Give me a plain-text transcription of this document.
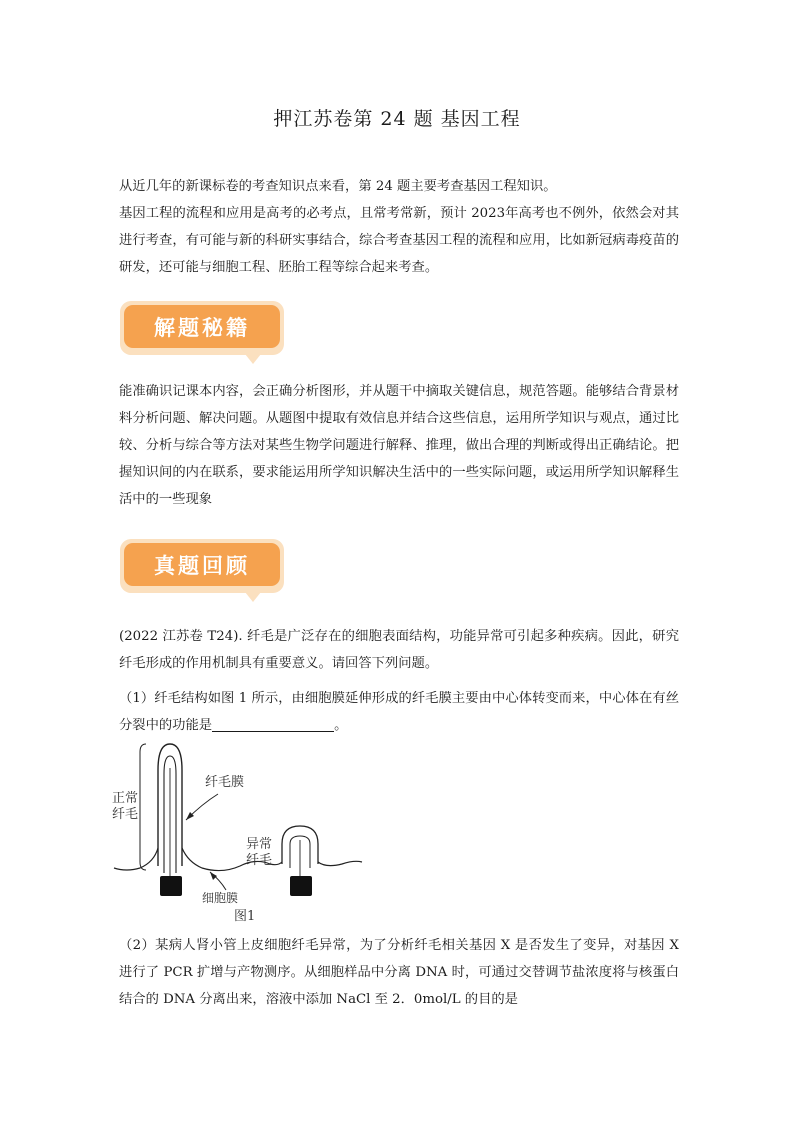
押江苏卷第 24 题 基因工程
从近几年的新课标卷的考查知识点来看，第 24 题主要考查基因工程知识。
基因工程的流程和应用是高考的必考点，且常考常新，预计 2023年高考也不例外，依然会对其进行考查，有可能与新的科研实事结合，综合考查基因工程的流程和应用，比如新冠病毒疫苗的研发，还可能与细胞工程、胚胎工程等综合起来考查。
解题秘籍
能准确识记课本内容，会正确分析图形，并从题干中摘取关键信息，规范答题。能够结合背景材料分析问题、解决问题。从题图中提取有效信息并结合这些信息，运用所学知识与观点，通过比较、分析与综合等方法对某些生物学问题进行解释、推理，做出合理的判断或得出正确结论。把握知识间的内在联系，要求能运用所学知识解决生活中的一些实际问题，或运用所学知识解释生活中的一些现象
真题回顾
(2022 江苏卷 T24). 纤毛是广泛存在的细胞表面结构，功能异常可引起多种疾病。因此，研究纤毛形成的作用机制具有重要意义。请回答下列问题。
（1）纤毛结构如图 1 所示，由细胞膜延伸形成的纤毛膜主要由中心体转变而来，中心体在有丝分裂中的功能是	。
正常
纤毛
纤毛膜
异常
纤毛
细胞膜
图1
（2）某病人肾小管上皮细胞纤毛异常，为了分析纤毛相关基因 X 是否发生了变异，对基因 X 进行了 PCR 扩增与产物测序。从细胞样品中分离 DNA 时，可通过交替调节盐浓度将与核蛋白结合的 DNA 分离出来，溶液中添加 NaCl 至 2．0mol/L 的目的是
